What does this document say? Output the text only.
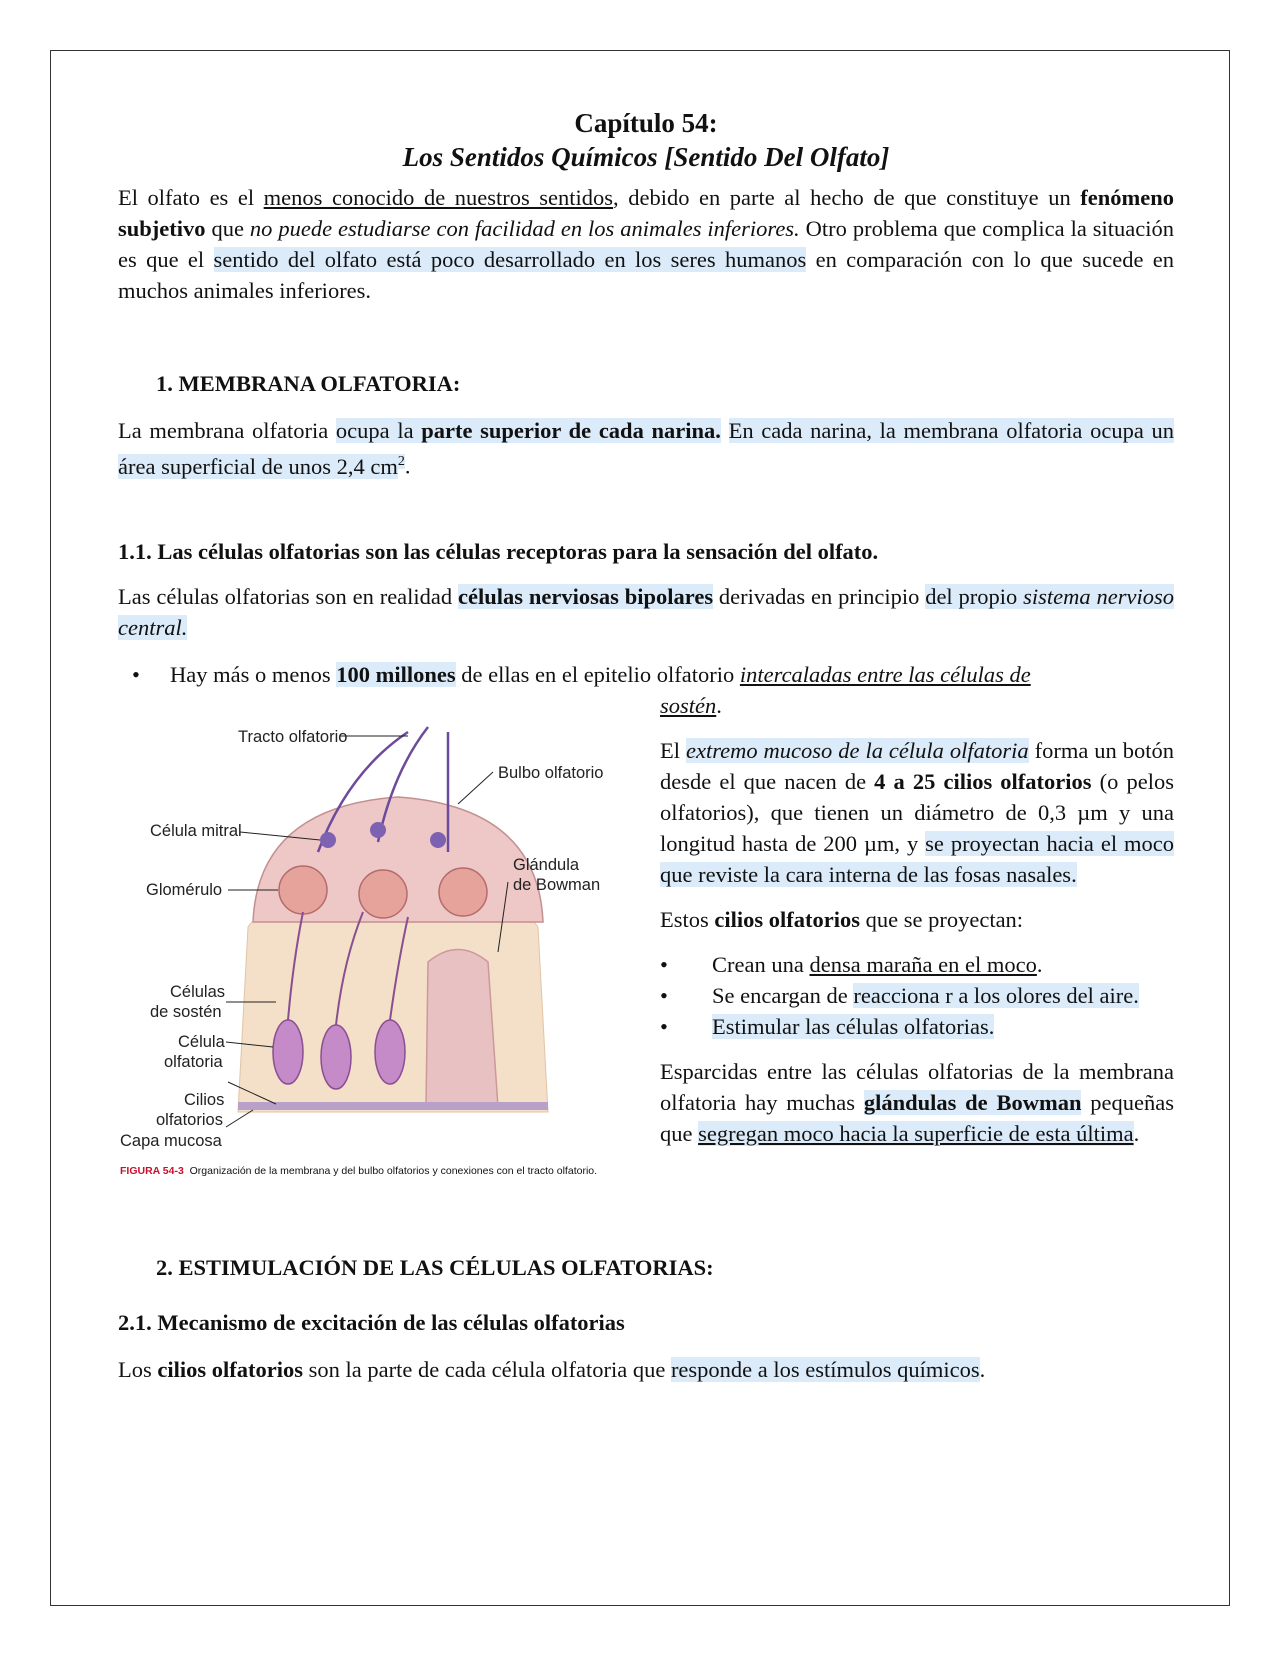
Capítulo 54:
Los Sentidos Químicos [Sentido Del Olfato]

El olfato es el menos conocido de nuestros sentidos, debido en parte al hecho de que constituye un fenómeno subjetivo que no puede estudiarse con facilidad en los animales inferiores. Otro problema que complica la situación es que el sentido del olfato está poco desarrollado en los seres humanos en comparación con lo que sucede en muchos animales inferiores.

1. MEMBRANA OLFATORIA:

La membrana olfatoria ocupa la parte superior de cada narina. En cada narina, la membrana olfatoria ocupa un área superficial de unos 2,4 $cm^2$.

1.1. Las células olfatorias son las células receptoras para la sensación del olfato.

Las células olfatorias son en realidad células nerviosas bipolares derivadas en principio del propio sistema nervioso central.

•	Hay más o menos 100 millones de ellas en el epitelio olfatorio intercaladas entre las células de

sostén.

El extremo mucoso de la célula olfatoria forma un botón desde el que nacen de 4 a 25 cilios olfatorios (o pelos olfatorios), que tienen un diámetro de 0,3 µm y una longitud hasta de 200 µm, y se proyectan hacia el moco que reviste la cara interna de las fosas nasales.

Estos cilios olfatorios que se proyectan:

•	Crean una densa maraña en el moco.
•	Se encargan de reacciona r a los olores del aire.
•	Estimular las células olfatorias.

Esparcidas entre las células olfatorias de la membrana olfatoria hay muchas glándulas de Bowman pequeñas que segregan moco hacia la superficie de esta última.

Tracto olfatorio
Bulbo olfatorio
Célula mitral
Glomérulo
Glándula
de Bowman
Células
de sostén
Célula
olfatoria
Cilios
olfatorios
Capa mucosa
FIGURA 54-3 Organización de la membrana y del bulbo olfatorios y conexiones con el tracto olfatorio.
2. ESTIMULACIÓN DE LAS CÉLULAS OLFATORIAS:
2.1. Mecanismo de excitación de las células olfatorias

Los cilios olfatorios son la parte de cada célula olfatoria que responde a los estímulos químicos.
